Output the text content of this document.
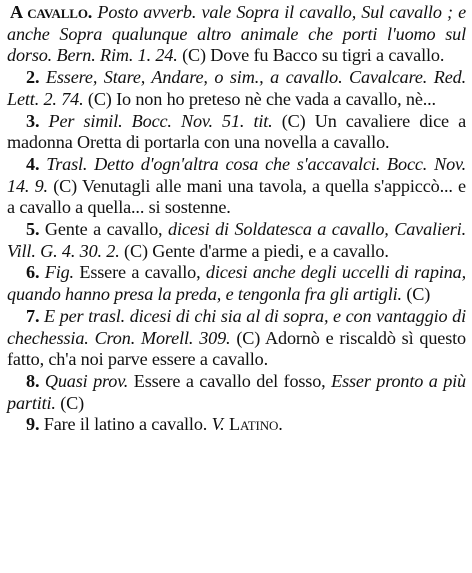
A cavallo. Posto avverb. vale Sopra il cavallo, Sul cavallo ; e anche Sopra qualunque altro animale che porti l'uomo sul dorso. Bern. Rim. 1. 24. (C) Dove fu Bacco su tigri a cavallo.

2. Essere, Stare, Andare, o sim., a cavallo. Cavalcare. Red. Lett. 2. 74. (C) Io non ho preteso nè che vada a cavallo, nè...

3. Per simil. Bocc. Nov. 51. tit. (C) Un cavaliere dice a madonna Oretta di portarla con una novella a cavallo.

4. Trasl. Detto d'ogn'altra cosa che s'accavalci. Bocc. Nov. 14. 9. (C) Venutagli alle mani una tavola, a quella s'appiccò... e a cavallo a quella... si sostenne.

5. Gente a cavallo, dicesi di Soldatesca a cavallo, Cavalieri. Vill. G. 4. 30. 2. (C) Gente d'arme a piedi, e a cavallo.

6. Fig. Essere a cavallo, dicesi anche degli uccelli di rapina, quando hanno presa la preda, e tengonla fra gli artigli. (C)

7. E per trasl. dicesi di chi sia al di sopra, e con vantaggio di chechessia. Cron. Morell. 309. (C) Adornò e riscaldò sì questo fatto, ch'a noi parve essere a cavallo.

8. Quasi prov. Essere a cavallo del fosso, Esser pronto a più partiti. (C)

9. Fare il latino a cavallo. V. Latino.
